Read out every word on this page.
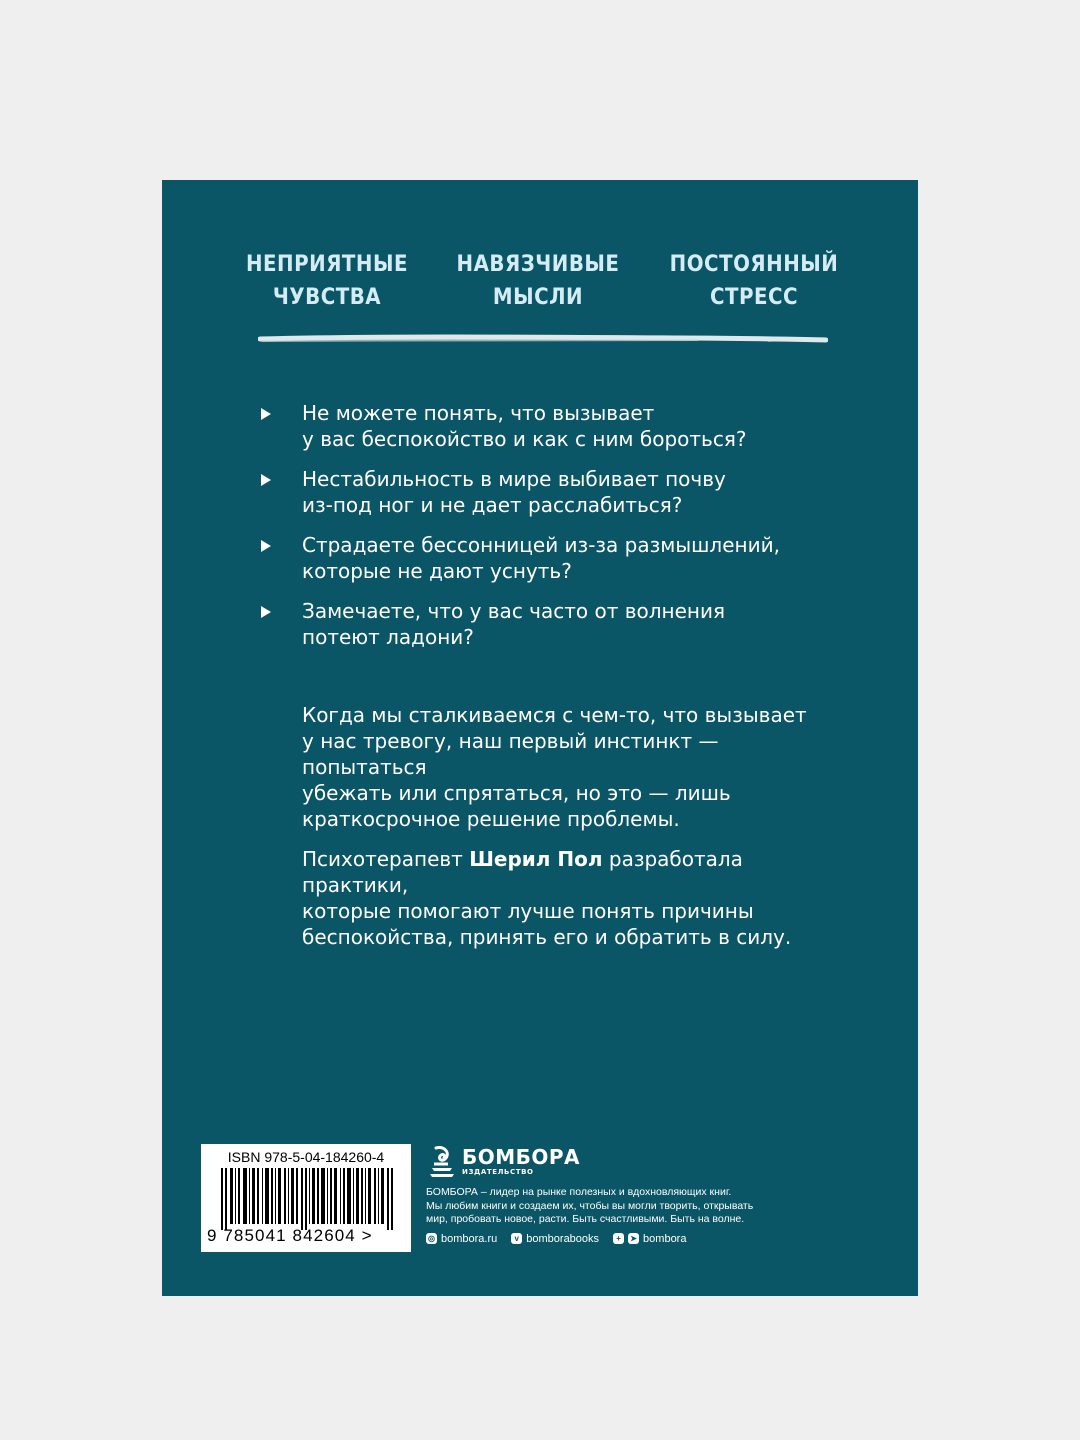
НЕПРИЯТНЫЕ
ЧУВСТВА
НАВЯЗЧИВЫЕ
МЫСЛИ
ПОСТОЯННЫЙ
СТРЕСС
Не можете понять, что вызывает
у вас беспокойство и как с ним бороться?
Нестабильность в мире выбивает почву
из-под ног и не дает расслабиться?
Страдаете бессонницей из-за размышлений,
которые не дают уснуть?
Замечаете, что у вас часто от волнения
потеют ладони?
Когда мы сталкиваемся с чем-то, что вызывает
у нас тревогу, наш первый инстинкт — попытаться
убежать или спрятаться, но это — лишь
краткосрочное решение проблемы.
Психотерапевт Шерил Пол разработала практики,
которые помогают лучше понять причины
беспокойства, принять его и обратить в силу.
ISBN 978-5-04-184260-4
9 785041 842604 >
БОМБОРА
ИЗДАТЕЛЬСТВО
БОМБОРА – лидер на рынке полезных и вдохновляющих книг.
Мы любим книги и создаем их, чтобы вы могли творить, открывать
мир, пробовать новое, расти. Быть счастливыми. Быть на волне.
◎ bombora.ru	v bomborabooks	+	➤ bombora
